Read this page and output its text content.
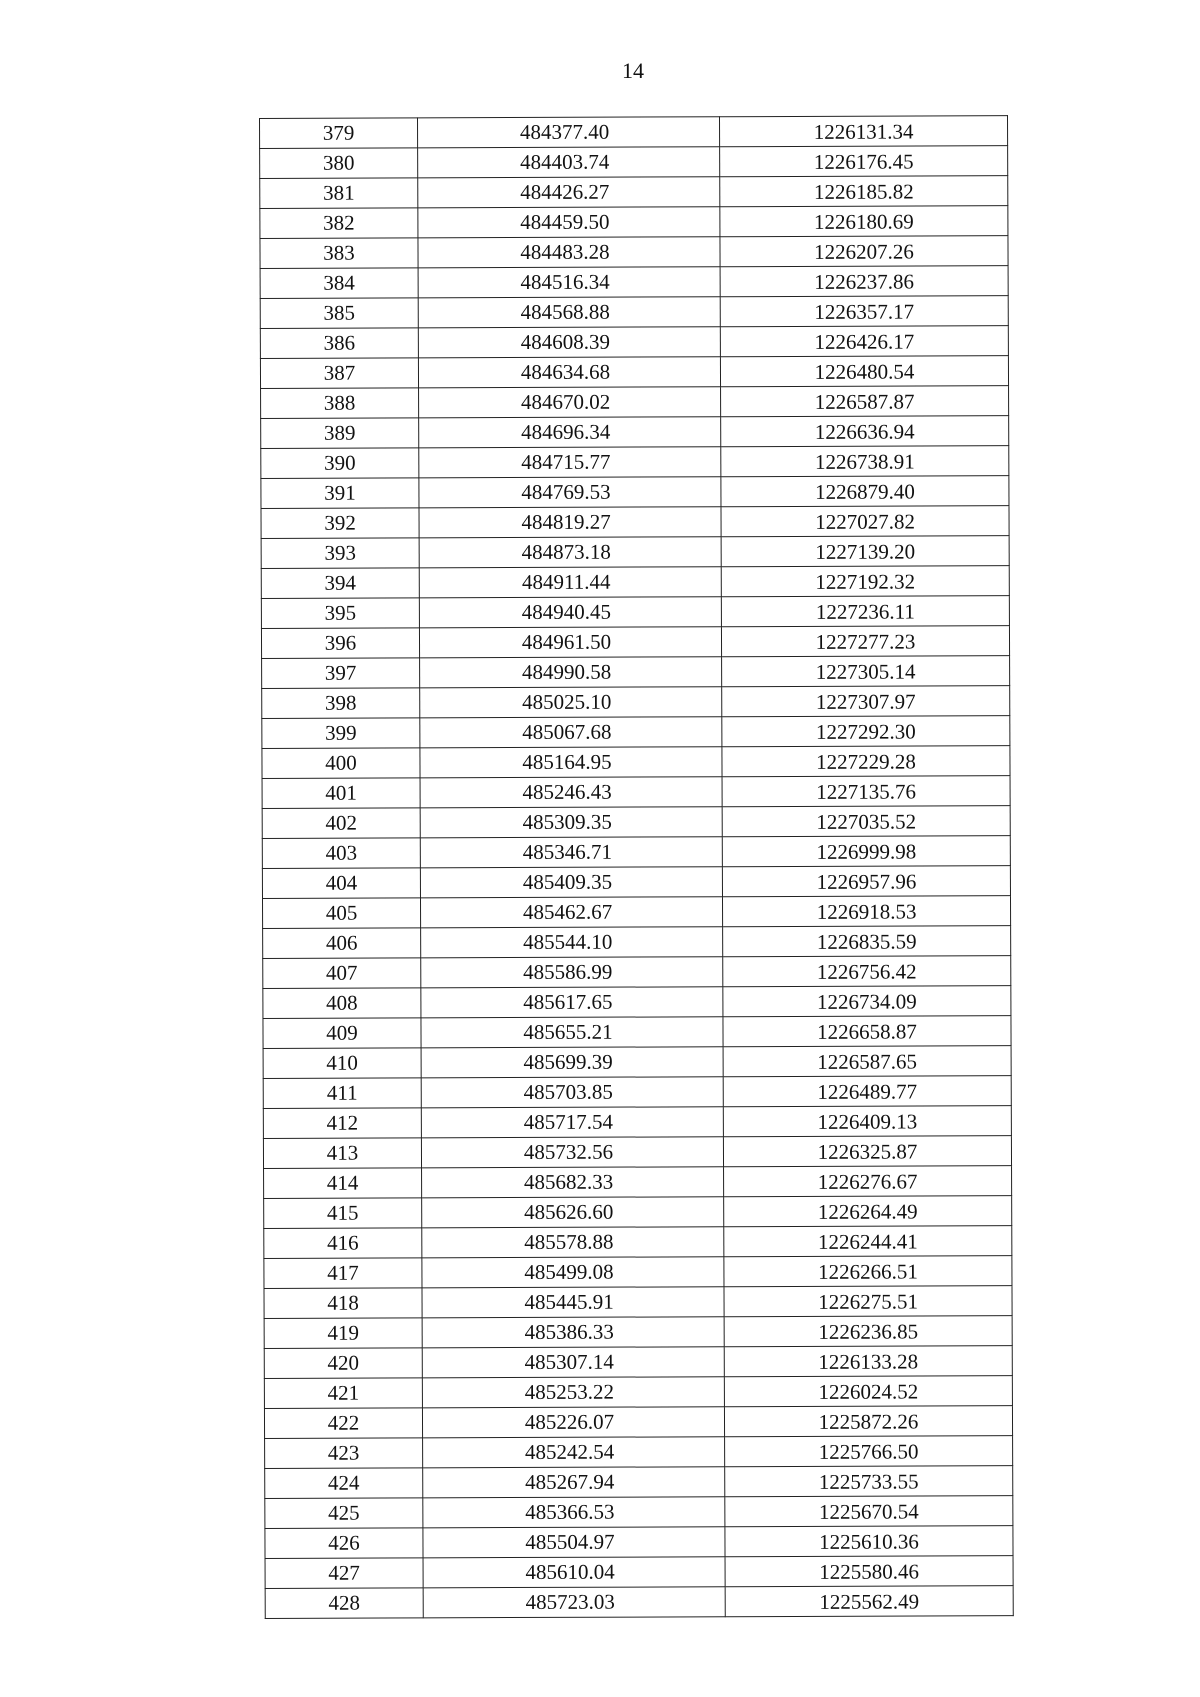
14
379	484377.40	1226131.34
380	484403.74	1226176.45
381	484426.27	1226185.82
382	484459.50	1226180.69
383	484483.28	1226207.26
384	484516.34	1226237.86
385	484568.88	1226357.17
386	484608.39	1226426.17
387	484634.68	1226480.54
388	484670.02	1226587.87
389	484696.34	1226636.94
390	484715.77	1226738.91
391	484769.53	1226879.40
392	484819.27	1227027.82
393	484873.18	1227139.20
394	484911.44	1227192.32
395	484940.45	1227236.11
396	484961.50	1227277.23
397	484990.58	1227305.14
398	485025.10	1227307.97
399	485067.68	1227292.30
400	485164.95	1227229.28
401	485246.43	1227135.76
402	485309.35	1227035.52
403	485346.71	1226999.98
404	485409.35	1226957.96
405	485462.67	1226918.53
406	485544.10	1226835.59
407	485586.99	1226756.42
408	485617.65	1226734.09
409	485655.21	1226658.87
410	485699.39	1226587.65
411	485703.85	1226489.77
412	485717.54	1226409.13
413	485732.56	1226325.87
414	485682.33	1226276.67
415	485626.60	1226264.49
416	485578.88	1226244.41
417	485499.08	1226266.51
418	485445.91	1226275.51
419	485386.33	1226236.85
420	485307.14	1226133.28
421	485253.22	1226024.52
422	485226.07	1225872.26
423	485242.54	1225766.50
424	485267.94	1225733.55
425	485366.53	1225670.54
426	485504.97	1225610.36
427	485610.04	1225580.46
428	485723.03	1225562.49
